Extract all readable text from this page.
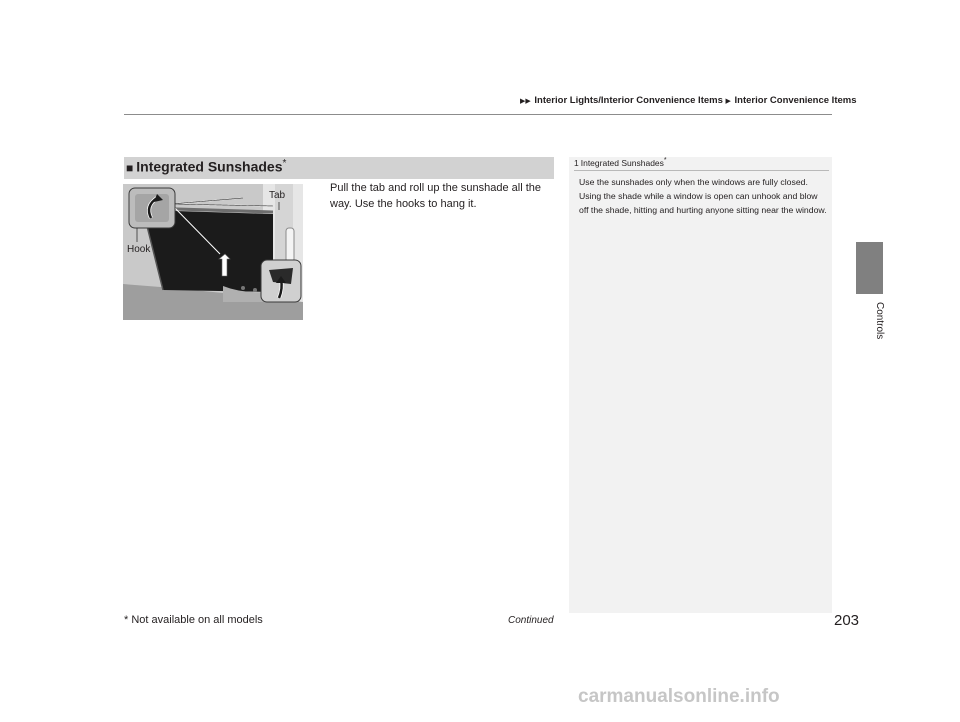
▶▶ Interior Lights/Interior Convenience Items ▶ Interior Convenience Items
Controls
■ Integrated Sunshades*
Tab
Hook
Pull the tab and roll up the sunshade all the way. Use the hooks to hang it.
1 Integrated Sunshades*
Use the sunshades only when the windows are fully closed. Using the shade while a window is open can unhook and blow off the shade, hitting and hurting anyone sitting near the window.
* Not available on all models	Continued	203
carmanualsonline.info
